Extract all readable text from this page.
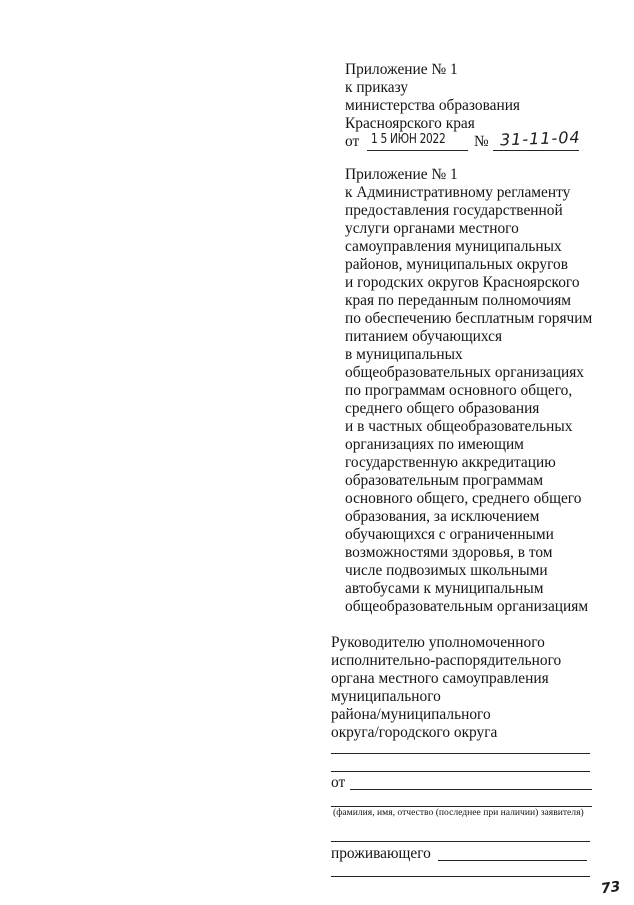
Приложение № 1
к приказу
министерства образования
Красноярского края
от 1 5 ИЮН 2022 № 31-11-04
Приложение № 1
к Административному регламенту
предоставления государственной
услуги органами местного
самоуправления муниципальных
районов, муниципальных округов
и городских округов Красноярского
края по переданным полномочиям
по обеспечению бесплатным горячим
питанием обучающихся
в муниципальных
общеобразовательных организациях
по программам основного общего,
среднего общего образования
и в частных общеобразовательных
организациях по имеющим
государственную аккредитацию
образовательным программам
основного общего, среднего общего
образования, за исключением
обучающихся с ограниченными
возможностями здоровья, в том
числе подвозимых школьными
автобусами к муниципальным
общеобразовательным организациям
Руководителю уполномоченного
исполнительно-распорядительного
органа местного самоуправления
муниципального
района/муниципального
округа/городского округа
от
(фамилия, имя, отчество (последнее при наличии) заявителя)
проживающего
73
